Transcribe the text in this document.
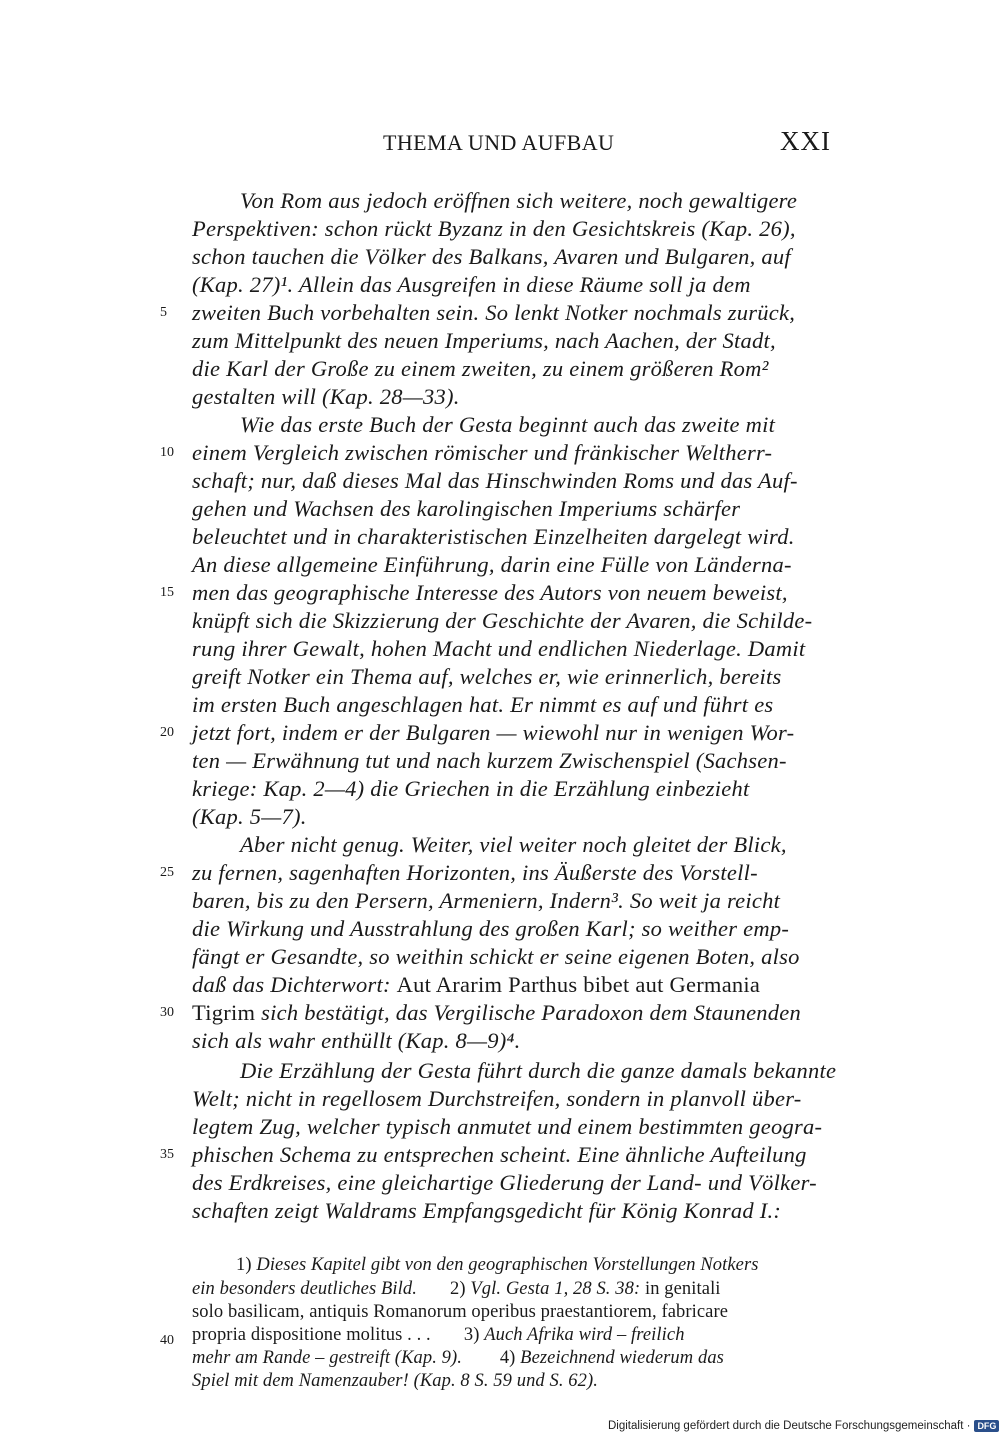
THEMA UND AUFBAU	XXI
Von Rom aus jedoch eröffnen sich weitere, noch gewaltigere
Perspektiven: schon rückt Byzanz in den Gesichtskreis (Kap. 26),
schon tauchen die Völker des Balkans, Avaren und Bulgaren, auf
(Kap. 27)¹. Allein das Ausgreifen in diese Räume soll ja dem
zweiten Buch vorbehalten sein. So lenkt Notker nochmals zurück,
zum Mittelpunkt des neuen Imperiums, nach Aachen, der Stadt,
die Karl der Große zu einem zweiten, zu einem größeren Rom²
gestalten will (Kap. 28—33).
Wie das erste Buch der Gesta beginnt auch das zweite mit
einem Vergleich zwischen römischer und fränkischer Weltherr-
schaft; nur, daß dieses Mal das Hinschwinden Roms und das Auf-
gehen und Wachsen des karolingischen Imperiums schärfer
beleuchtet und in charakteristischen Einzelheiten dargelegt wird.
An diese allgemeine Einführung, darin eine Fülle von Länderna-
men das geographische Interesse des Autors von neuem beweist,
knüpft sich die Skizzierung der Geschichte der Avaren, die Schilde-
rung ihrer Gewalt, hohen Macht und endlichen Niederlage. Damit
greift Notker ein Thema auf, welches er, wie erinnerlich, bereits
im ersten Buch angeschlagen hat. Er nimmt es auf und führt es
jetzt fort, indem er der Bulgaren — wiewohl nur in wenigen Wor-
ten — Erwähnung tut und nach kurzem Zwischenspiel (Sachsen-
kriege: Kap. 2—4) die Griechen in die Erzählung einbezieht
(Kap. 5—7).
Aber nicht genug. Weiter, viel weiter noch gleitet der Blick,
zu fernen, sagenhaften Horizonten, ins Äußerste des Vorstell-
baren, bis zu den Persern, Armeniern, Indern³. So weit ja reicht
die Wirkung und Ausstrahlung des großen Karl; so weither emp-
fängt er Gesandte, so weithin schickt er seine eigenen Boten, also
daß das Dichterwort: Aut Ararim Parthus bibet aut Germania
Tigrim sich bestätigt, das Vergilische Paradoxon dem Staunenden
sich als wahr enthüllt (Kap. 8—9)⁴.
Die Erzählung der Gesta führt durch die ganze damals bekannte
Welt; nicht in regellosem Durchstreifen, sondern in planvoll über-
legtem Zug, welcher typisch anmutet und einem bestimmten geogra-
phischen Schema zu entsprechen scheint. Eine ähnliche Aufteilung
des Erdkreises, eine gleichartige Gliederung der Land- und Völker-
schaften zeigt Waldrams Empfangsgedicht für König Konrad I.:
5
10
15
20
25
30
35
40
1) Dieses Kapitel gibt von den geographischen Vorstellungen Notkers
ein besonders deutliches Bild. 2) Vgl. Gesta 1, 28 S. 38: in genitali
solo basilicam, antiquis Romanorum operibus praestantiorem, fabricare
propria dispositione molitus . . . 3) Auch Afrika wird – freilich
mehr am Rande – gestreift (Kap. 9). 4) Bezeichnend wiederum das
Spiel mit dem Namenzauber! (Kap. 8 S. 59 und S. 62).
Digitalisierung gefördert durch die Deutsche Forschungsgemeinschaft · DFG
